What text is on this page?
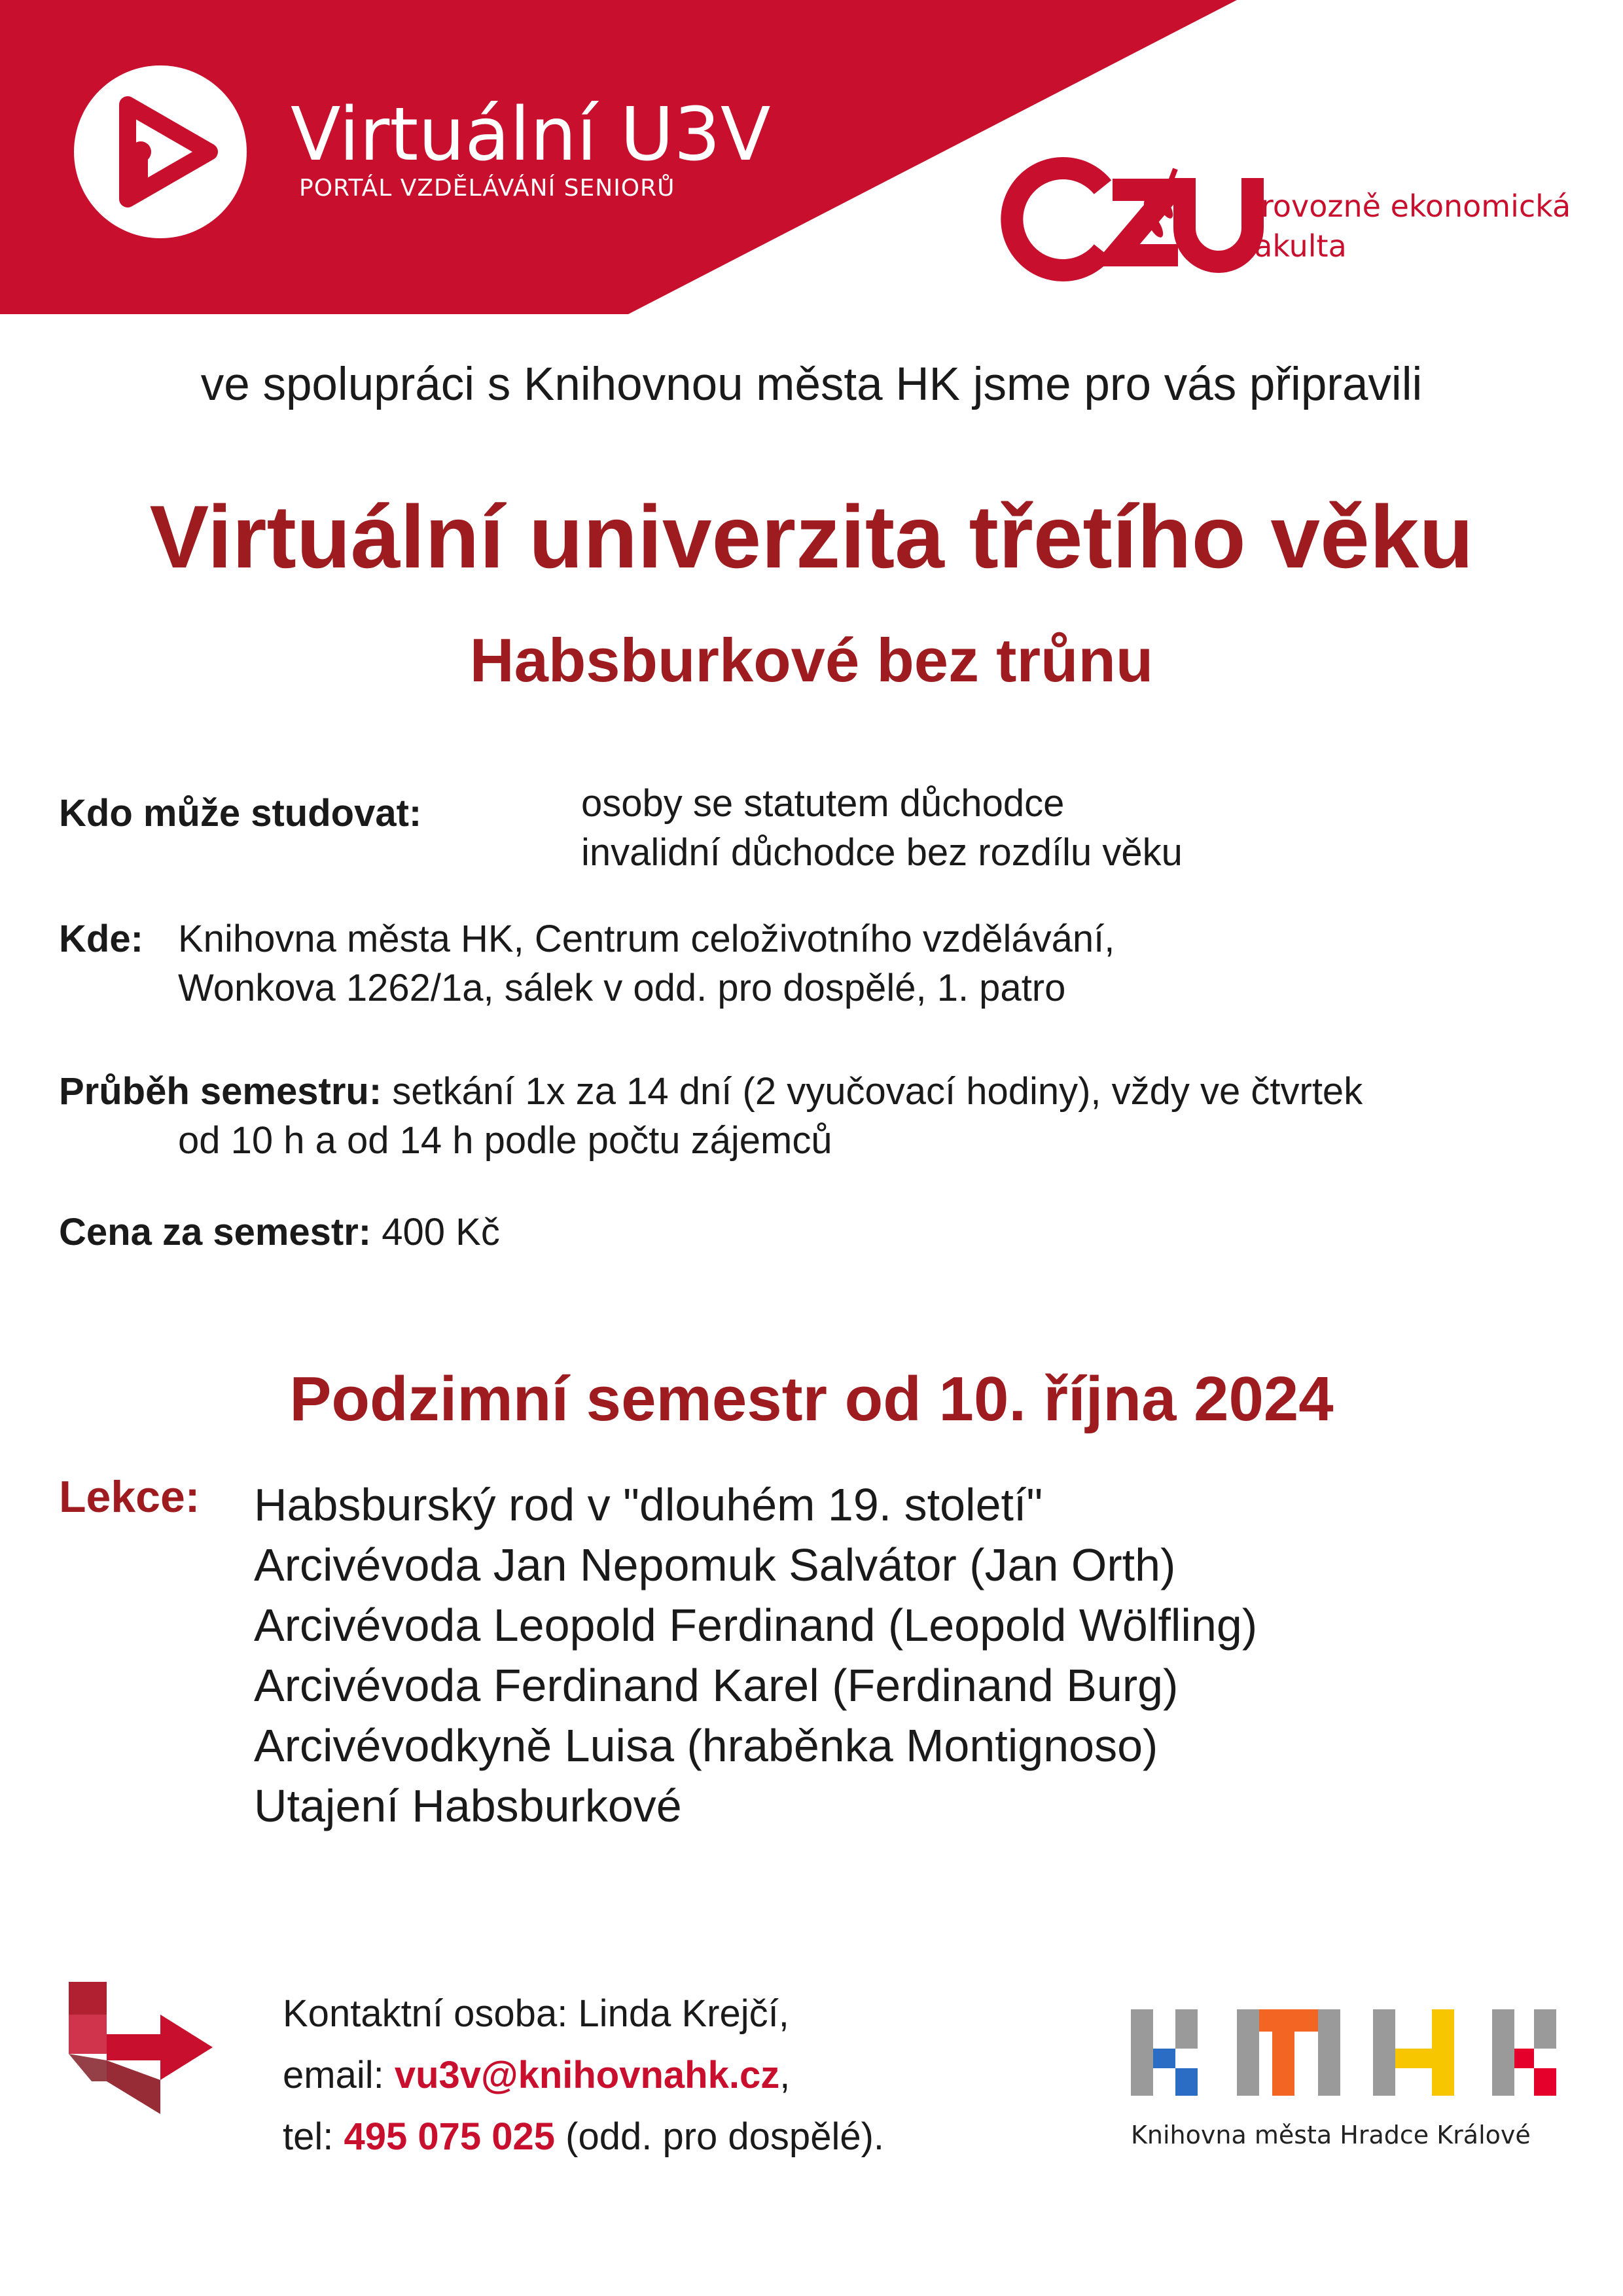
Virtuální U3V
PORTÁL VZDĚLÁVÁNÍ SENIORŮ
Provozně ekonomická
fakulta
ve spolupráci s Knihovnou města HK jsme pro vás připravili
Virtuální univerzita třetího věku
Habsburkové bez trůnu
Kdo může studovat:	osoby se statutem důchodce
invalidní důchodce bez rozdílu věku
Kde: Knihovna města HK, Centrum celoživotního vzdělávání,
Wonkova 1262/1a, sálek v odd. pro dospělé, 1. patro
Průběh semestru: setkání 1x za 14 dní (2 vyučovací hodiny), vždy ve čtvrtek
od 10 h a od 14 h podle počtu zájemců
Cena za semestr: 400 Kč
Podzimní semestr od 10. října 2024
Lekce: Habsburský rod v "dlouhém 19. století"
Arcivévoda Jan Nepomuk Salvátor (Jan Orth)
Arcivévoda Leopold Ferdinand (Leopold Wölfling)
Arcivévoda Ferdinand Karel (Ferdinand Burg)
Arcivévodkyně Luisa (hraběnka Montignoso)
Utajení Habsburkové
Kontaktní osoba: Linda Krejčí,
email: vu3v@knihovnahk.cz,
tel: 495 075 025 (odd. pro dospělé).	Knihovna města Hradce Králové
